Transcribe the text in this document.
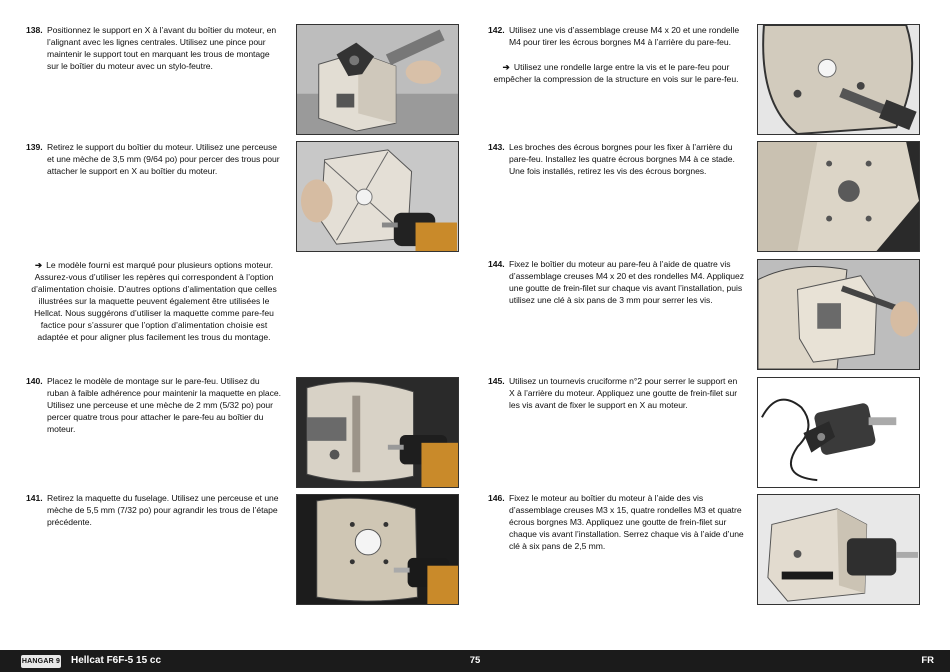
138. Positionnez le support en X à l’avant du boîtier du moteur, en l’alignant avec les lignes centrales. Utilisez une pince pour maintenir le support tout en marquant les trous de montage sur le boîtier du moteur avec un stylo-feutre.
139. Retirez le support du boîtier du moteur. Utilisez une perceuse et une mèche de 3,5 mm (9/64 po) pour percer des trous pour attacher le support en X au boîtier du moteur.
➔ Le modèle fourni est marqué pour plusieurs options moteur. Assurez-vous d’utiliser les repères qui correspondent à l’option d’alimentation choisie. D’autres options d’alimentation que celles illustrées sur la maquette peuvent également être utilisées le Hellcat. Nous suggérons d’utiliser la maquette comme pare-feu factice pour s’assurer que l’option d’alimentation choisie est adaptée et pour aligner plus facilement les trous du montage.
140. Placez le modèle de montage sur le pare-feu. Utilisez du ruban à faible adhérence pour maintenir la maquette en place. Utilisez une perceuse et une mèche de 2 mm (5/32 po) pour percer quatre trous pour attacher le pare-feu au boîtier du moteur.
141. Retirez la maquette du fuselage. Utilisez une perceuse et une mèche de 5,5 mm (7/32 po) pour agrandir les trous de l’étape précédente.
142. Utilisez une vis d’assemblage creuse M4 x 20 et une rondelle M4 pour tirer les écrous borgnes M4 à l’arrière du pare-feu.
➔ Utilisez une rondelle large entre la vis et le pare-feu pour empêcher la compression de la structure en vois sur le pare-feu.
143. Les broches des écrous borgnes pour les fixer à l’arrière du pare-feu. Installez les quatre écrous borgnes M4 à ce stade. Une fois installés, retirez les vis des écrous borgnes.
144. Fixez le boîtier du moteur au pare-feu à l’aide de quatre vis d’assemblage creuses M4 x 20 et des rondelles M4. Appliquez une goutte de frein-filet sur chaque vis avant l’installation, puis utilisez une clé à six pans de 3 mm pour serrer les vis.
145. Utilisez un tournevis cruciforme n°2 pour serrer le support en X à l’arrière du moteur. Appliquez une goutte de frein-filet sur les vis avant de fixer le support en X au moteur.
146. Fixez le moteur au boîtier du moteur à l’aide des vis d’assemblage creuses M3 x 15, quatre rondelles M3 et quatre écrous borgnes M3. Appliquez une goutte de frein-filet sur chaque vis avant l’installation. Serrez chaque vis à l’aide d’une clé à six pans de 2,5 mm.
HANGAR 9 Hellcat F6F-5 15 cc	75	FR
